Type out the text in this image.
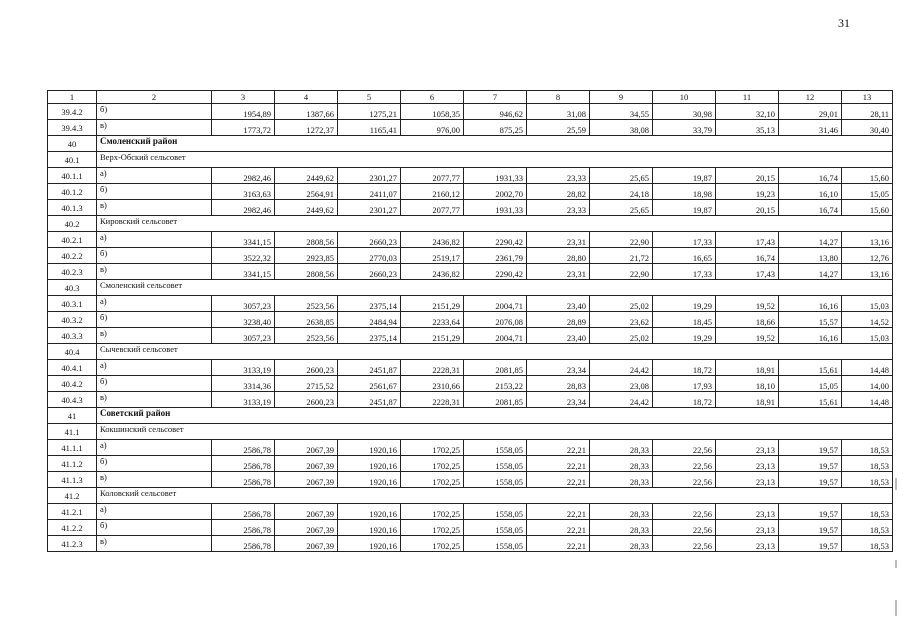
31
1	2	3	4	5	6	7	8	9	10	11	12	13
39.4.2	б)	1954,89	1387,66	1275,21	1058,35	946,62	31,08	34,55	30,98	32,10	29,01	28,11
39.4.3	в)	1773,72	1272,37	1165,41	976,00	875,25	25,59	38,08	33,79	35,13	31,46	30,40
40	Смоленский район											
40.1	Верх-Обский сельсовет											
40.1.1	а)	2982,46	2449,62	2301,27	2077,77	1931,33	23,33	25,65	19,87	20,15	16,74	15,60
40.1.2	б)	3163,63	2564,91	2411,07	2160,12	2002,70	28,82	24,18	18,98	19,23	16,10	15,05
40.1.3	в)	2982,46	2449,62	2301,27	2077,77	1931,33	23,33	25,65	19,87	20,15	16,74	15,60
40.2	Кировский сельсовет											
40.2.1	а)	3341,15	2808,56	2660,23	2436,82	2290,42	23,31	22,90	17,33	17,43	14,27	13,16
40.2.2	б)	3522,32	2923,85	2770,03	2519,17	2361,79	28,80	21,72	16,65	16,74	13,80	12,76
40.2.3	в)	3341,15	2808,56	2660,23	2436,82	2290,42	23,31	22,90	17,33	17,43	14,27	13,16
40.3	Смоленский сельсовет											
40.3.1	а)	3057,23	2523,56	2375,14	2151,29	2004,71	23,40	25,02	19,29	19,52	16,16	15,03
40.3.2	б)	3238,40	2638,85	2484,94	2233,64	2076,08	28,89	23,62	18,45	18,66	15,57	14,52
40.3.3	в)	3057,23	2523,56	2375,14	2151,29	2004,71	23,40	25,02	19,29	19,52	16,16	15,03
40.4	Сычевский сельсовет											
40.4.1	а)	3133,19	2600,23	2451,87	2228,31	2081,85	23,34	24,42	18,72	18,91	15,61	14,48
40.4.2	б)	3314,36	2715,52	2561,67	2310,66	2153,22	28,83	23,08	17,93	18,10	15,05	14,00
40.4.3	в)	3133,19	2600,23	2451,87	2228,31	2081,85	23,34	24,42	18,72	18,91	15,61	14,48
41	Советский район											
41.1	Кокшинский сельсовет											
41.1.1	а)	2586,78	2067,39	1920,16	1702,25	1558,05	22,21	28,33	22,56	23,13	19,57	18,53
41.1.2	б)	2586,78	2067,39	1920,16	1702,25	1558,05	22,21	28,33	22,56	23,13	19,57	18,53
41.1.3	в)	2586,78	2067,39	1920,16	1702,25	1558,05	22,21	28,33	22,56	23,13	19,57	18,53
41.2	Коловский сельсовет											
41.2.1	а)	2586,78	2067,39	1920,16	1702,25	1558,05	22,21	28,33	22,56	23,13	19,57	18,53
41.2.2	б)	2586,78	2067,39	1920,16	1702,25	1558,05	22,21	28,33	22,56	23,13	19,57	18,53
41.2.3	в)	2586,78	2067,39	1920,16	1702,25	1558,05	22,21	28,33	22,56	23,13	19,57	18,53
